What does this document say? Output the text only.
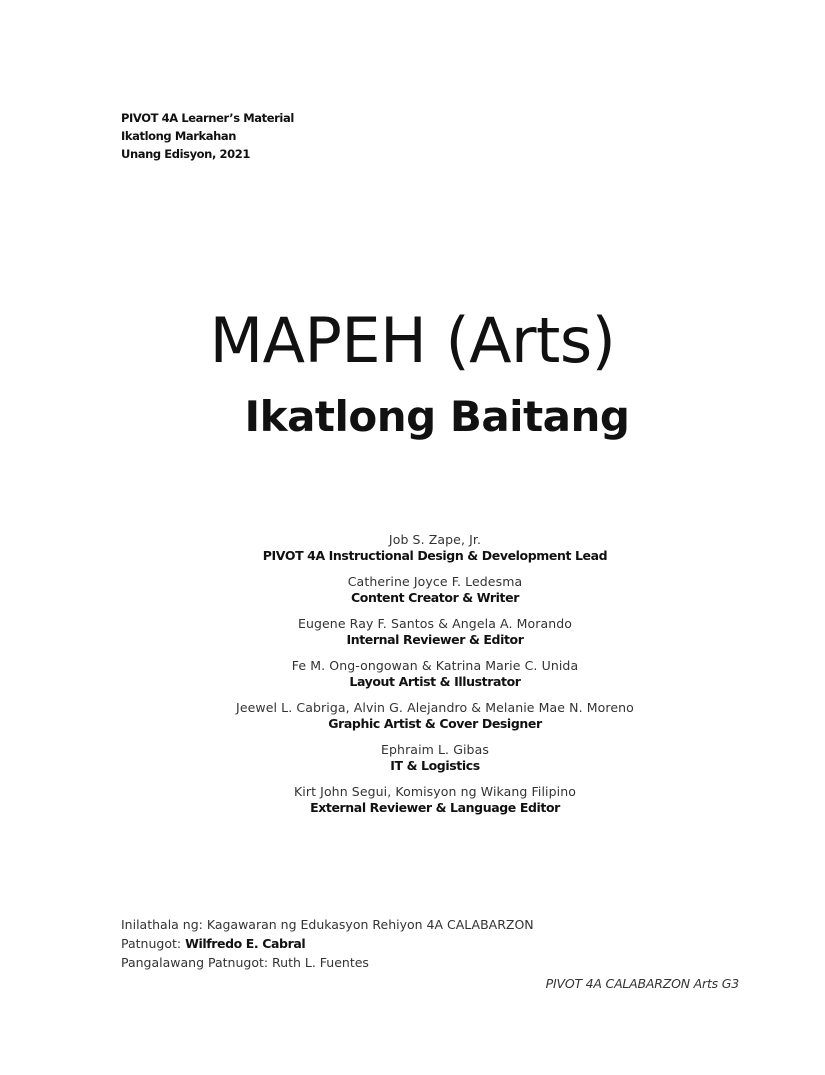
PIVOT 4A Learner’s Material
Ikatlong Markahan
Unang Edisyon, 2021
MAPEH (Arts)
Ikatlong Baitang
Job S. Zape, Jr.
PIVOT 4A Instructional Design & Development Lead
Catherine Joyce F. Ledesma
Content Creator & Writer
Eugene Ray F. Santos & Angela A. Morando
Internal Reviewer & Editor
Fe M. Ong-ongowan & Katrina Marie C. Unida
Layout Artist & Illustrator
Jeewel L. Cabriga, Alvin G. Alejandro & Melanie Mae N. Moreno
Graphic Artist & Cover Designer
Ephraim L. Gibas
IT & Logistics
Kirt John Segui, Komisyon ng Wikang Filipino
External Reviewer & Language Editor
Inilathala ng: Kagawaran ng Edukasyon Rehiyon 4A CALABARZON
Patnugot: Wilfredo E. Cabral
Pangalawang Patnugot: Ruth L. Fuentes
PIVOT 4A CALABARZON Arts G3
